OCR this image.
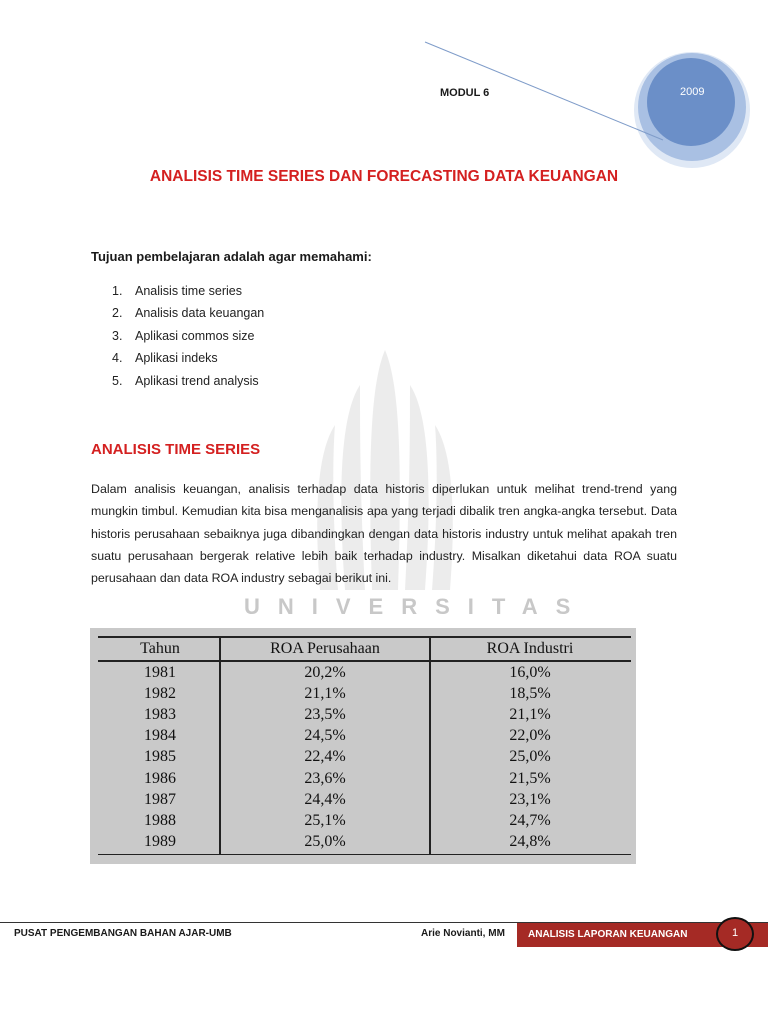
MODUL 6	2009
ANALISIS TIME SERIES DAN FORECASTING DATA KEUANGAN
Tujuan pembelajaran adalah agar memahami:
1.	Analisis time series
2.	Analisis data keuangan
3.	Aplikasi commos size
4.	Aplikasi indeks
5.	Aplikasi trend analysis
ANALISIS TIME SERIES
Dalam analisis keuangan, analisis terhadap data historis diperlukan untuk melihat trend-trend yang mungkin timbul. Kemudian kita bisa menganalisis apa yang terjadi dibalik tren angka-angka tersebut. Data historis perusahaan sebaiknya juga dibandingkan dengan data historis industry untuk melihat apakah tren suatu perusahaan bergerak relative lebih baik terhadap industry. Misalkan diketahui data ROA suatu perusahaan dan data ROA industry sebagai berikut ini.
UNIVERSITAS
Tahun	ROA Perusahaan	ROA Industri
1981	20,2%	16,0%
1982	21,1%	18,5%
1983	23,5%	21,1%
1984	24,5%	22,0%
1985	22,4%	25,0%
1986	23,6%	21,5%
1987	24,4%	23,1%
1988	25,1%	24,7%
1989	25,0%	24,8%
PUSAT PENGEMBANGAN BAHAN AJAR-UMB	Arie Novianti, MM ANALISIS LAPORAN KEUANGAN	1
